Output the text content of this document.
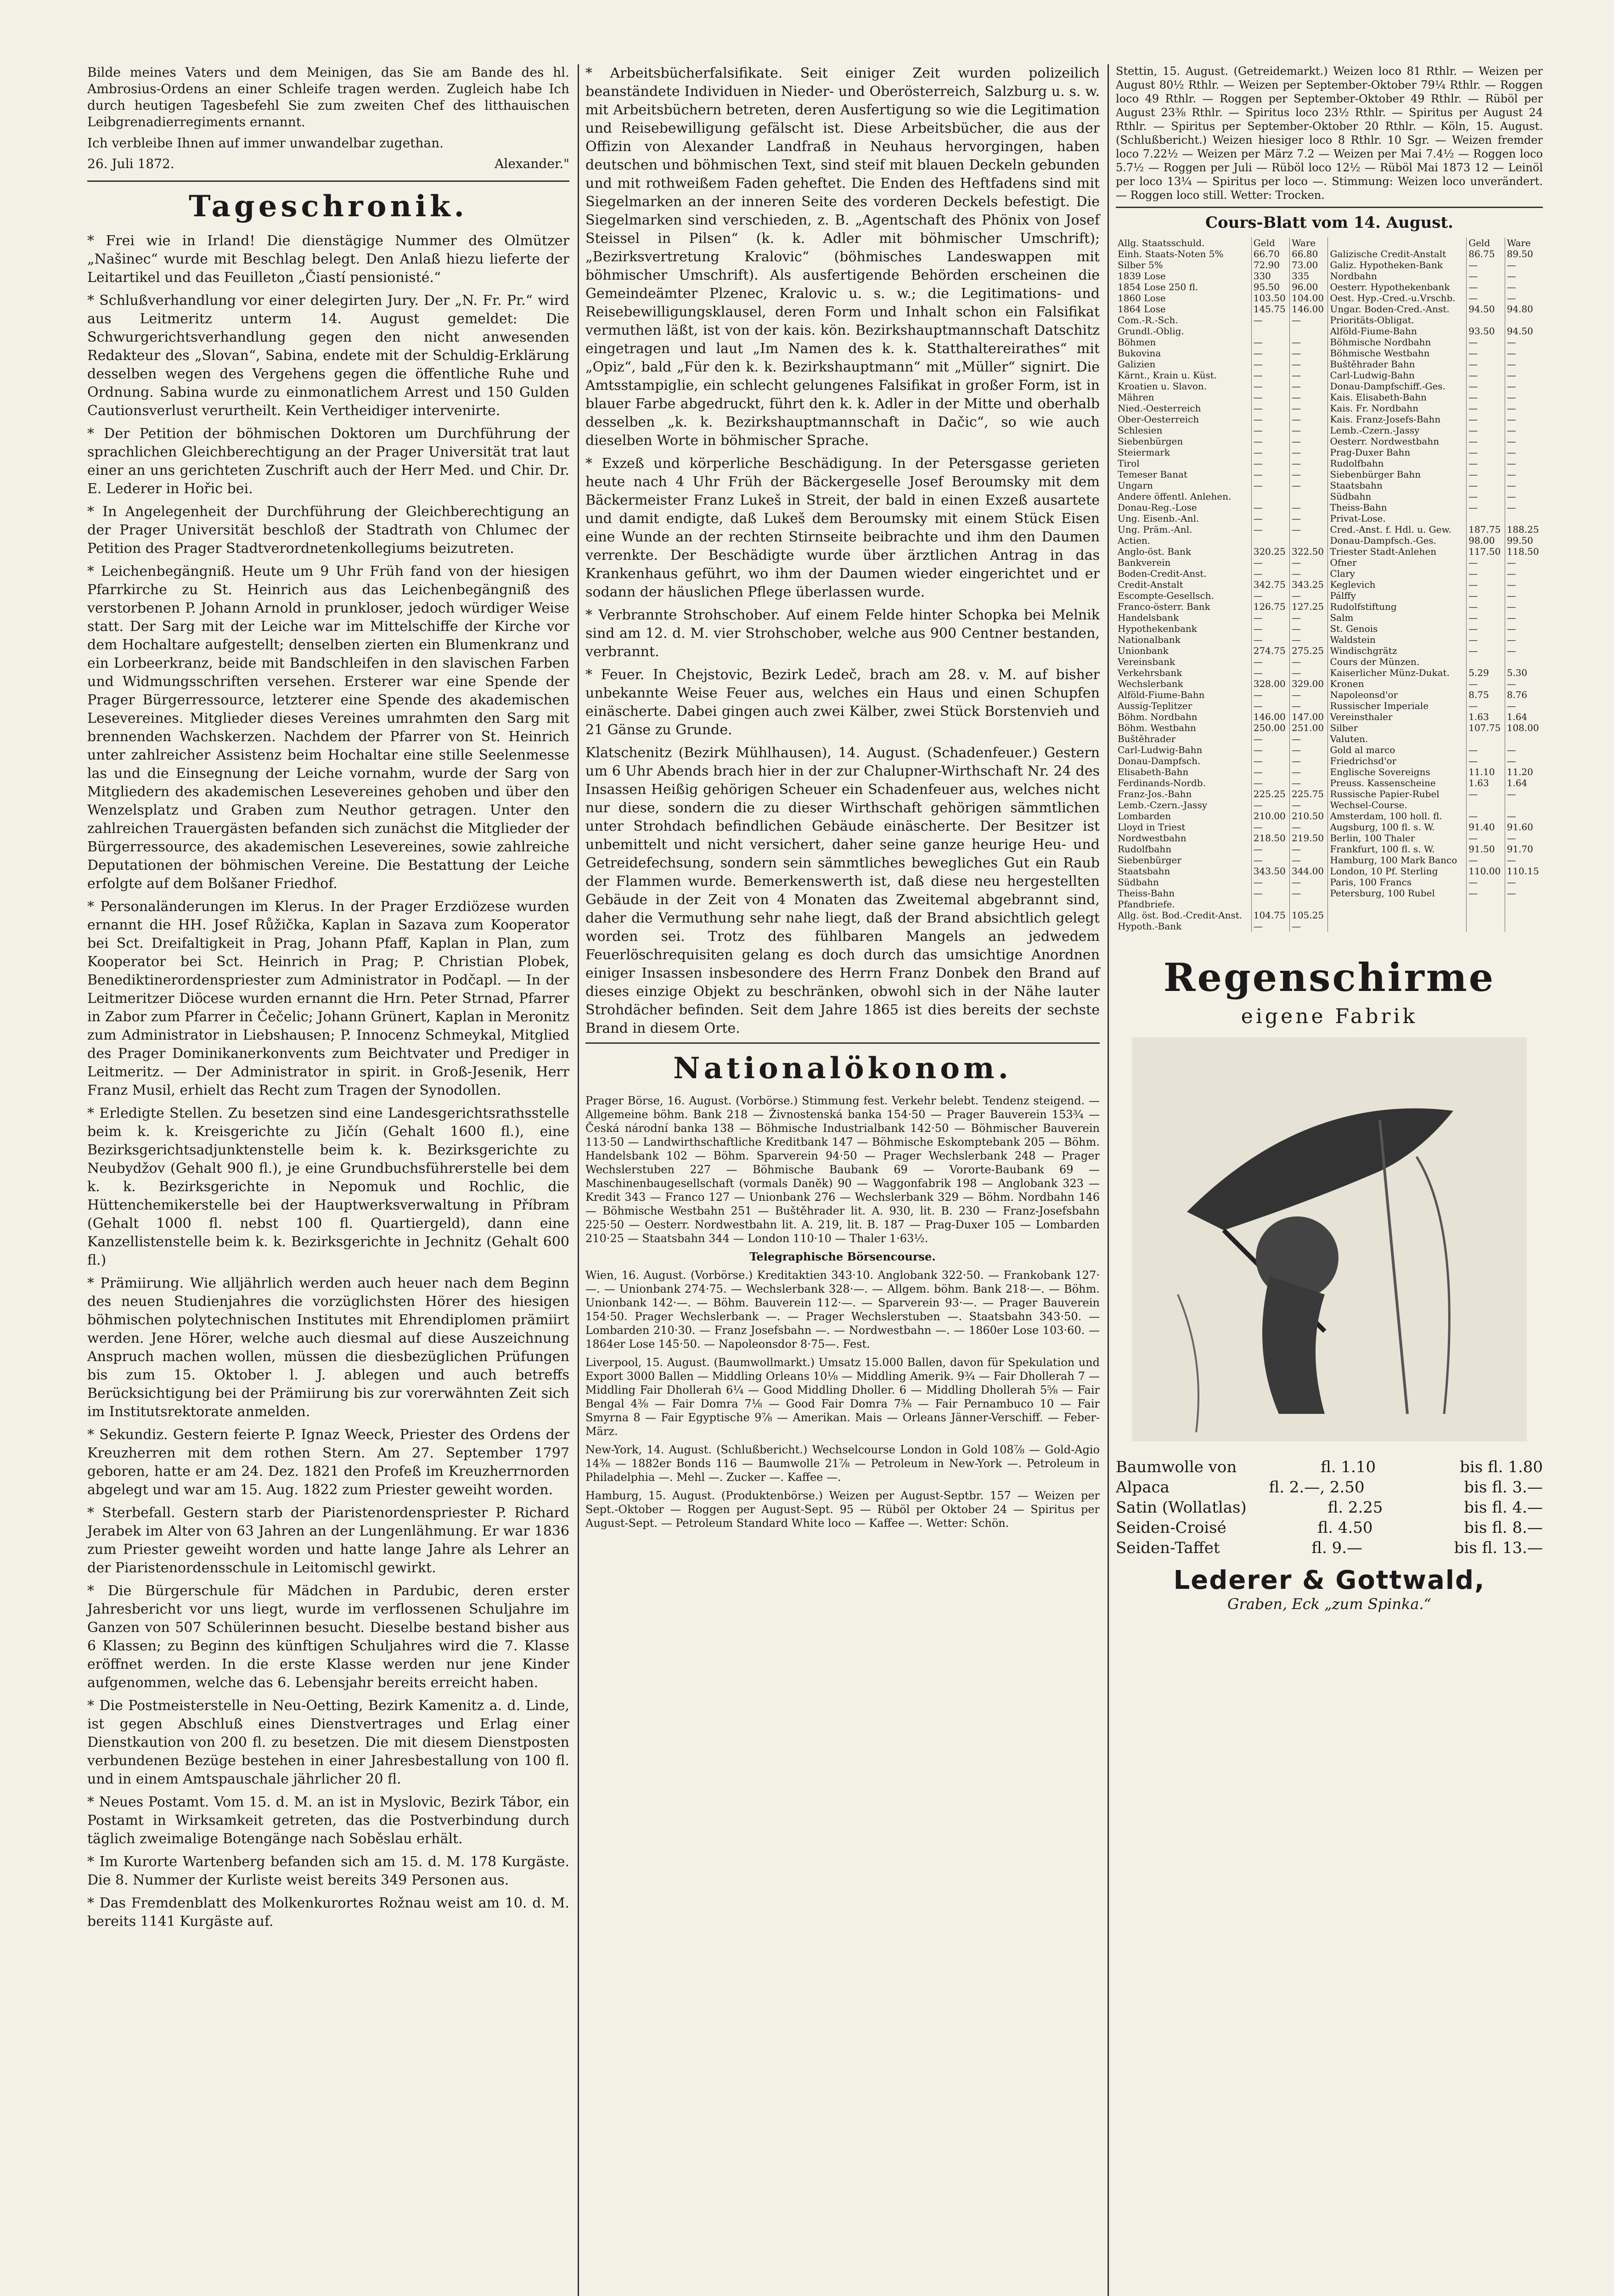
Bilde meines Vaters und dem Meinigen, das Sie am Bande des hl. Ambrosius-Ordens an einer Schleife tragen werden. Zugleich habe Ich durch heutigen Tagesbefehl Sie zum zweiten Chef des litthauischen Leibgrenadierregiments ernannt.

Ich verbleibe Ihnen auf immer unwandelbar zugethan.

26. Juli 1872.	Alexander."
Tageschronik.

* Frei wie in Irland! Die dienstägige Nummer des Olmützer „Našinec“ wurde mit Beschlag belegt. Den Anlaß hiezu lieferte der Leitartikel und das Feuilleton „Čiastí pensionisté.“

* Schlußverhandlung vor einer delegirten Jury. Der „N. Fr. Pr.“ wird aus Leitmeritz unterm 14. August gemeldet: Die Schwurgerichtsverhandlung gegen den nicht anwesenden Redakteur des „Slovan“, Sabina, endete mit der Schuldig-Erklärung desselben wegen des Vergehens gegen die öffentliche Ruhe und Ordnung. Sabina wurde zu einmonatlichem Arrest und 150 Gulden Cautionsverlust verurtheilt. Kein Vertheidiger intervenirte.

* Der Petition der böhmischen Doktoren um Durchführung der sprachlichen Gleichberechtigung an der Prager Universität trat laut einer an uns gerichteten Zuschrift auch der Herr Med. und Chir. Dr. E. Lederer in Hořic bei.

* In Angelegenheit der Durchführung der Gleichberechtigung an der Prager Universität beschloß der Stadtrath von Chlumec der Petition des Prager Stadtverordnetenkollegiums beizutreten.

* Leichenbegängniß. Heute um 9 Uhr Früh fand von der hiesigen Pfarrkirche zu St. Heinrich aus das Leichenbegängniß des verstorbenen P. Johann Arnold in prunkloser, jedoch würdiger Weise statt. Der Sarg mit der Leiche war im Mittelschiffe der Kirche vor dem Hochaltare aufgestellt; denselben zierten ein Blumenkranz und ein Lorbeerkranz, beide mit Bandschleifen in den slavischen Farben und Widmungsschriften versehen. Ersterer war eine Spende der Prager Bürgerressource, letzterer eine Spende des akademischen Lesevereines. Mitglieder dieses Vereines umrahmten den Sarg mit brennenden Wachskerzen. Nachdem der Pfarrer von St. Heinrich unter zahlreicher Assistenz beim Hochaltar eine stille Seelenmesse las und die Einsegnung der Leiche vornahm, wurde der Sarg von Mitgliedern des akademischen Lesevereines gehoben und über den Wenzelsplatz und Graben zum Neuthor getragen. Unter den zahlreichen Trauergästen befanden sich zunächst die Mitglieder der Bürgerressource, des akademischen Lesevereines, sowie zahlreiche Deputationen der böhmischen Vereine. Die Bestattung der Leiche erfolgte auf dem Bolšaner Friedhof.

* Personaländerungen im Klerus. In der Prager Erzdiözese wurden ernannt die HH. Josef Růžička, Kaplan in Sazava zum Kooperator bei Sct. Dreifaltigkeit in Prag, Johann Pfaff, Kaplan in Plan, zum Kooperator bei Sct. Heinrich in Prag; P. Christian Plobek, Benediktinerordenspriester zum Administrator in Podčapl. — In der Leitmeritzer Diöcese wurden ernannt die Hrn. Peter Strnad, Pfarrer in Zabor zum Pfarrer in Čečelic; Johann Grünert, Kaplan in Meronitz zum Administrator in Liebshausen; P. Innocenz Schmeykal, Mitglied des Prager Dominikanerkonvents zum Beichtvater und Prediger in Leitmeritz. — Der Administrator in spirit. in Groß-Jesenik, Herr Franz Musil, erhielt das Recht zum Tragen der Synodollen.

* Erledigte Stellen. Zu besetzen sind eine Landesgerichtsrathsstelle beim k. k. Kreisgerichte zu Jičín (Gehalt 1600 fl.), eine Bezirksgerichtsadjunktenstelle beim k. k. Bezirksgerichte zu Neubydžov (Gehalt 900 fl.), je eine Grundbuchsführerstelle bei dem k. k. Bezirksgerichte in Nepomuk und Rochlic, die Hüttenchemikerstelle bei der Hauptwerksverwaltung in Příbram (Gehalt 1000 fl. nebst 100 fl. Quartiergeld), dann eine Kanzellistenstelle beim k. k. Bezirksgerichte in Jechnitz (Gehalt 600 fl.)

* Prämiirung. Wie alljährlich werden auch heuer nach dem Beginn des neuen Studienjahres die vorzüglichsten Hörer des hiesigen böhmischen polytechnischen Institutes mit Ehrendiplomen prämiirt werden. Jene Hörer, welche auch diesmal auf diese Auszeichnung Anspruch machen wollen, müssen die diesbezüglichen Prüfungen bis zum 15. Oktober l. J. ablegen und auch betreffs Berücksichtigung bei der Prämiirung bis zur vorerwähnten Zeit sich im Institutsrektorate anmelden.

* Sekundiz. Gestern feierte P. Ignaz Weeck, Priester des Ordens der Kreuzherren mit dem rothen Stern. Am 27. September 1797 geboren, hatte er am 24. Dez. 1821 den Profeß im Kreuzherrnorden abgelegt und war am 15. Aug. 1822 zum Priester geweiht worden.

* Sterbefall. Gestern starb der Piaristenordenspriester P. Richard Jerabek im Alter von 63 Jahren an der Lungenlähmung. Er war 1836 zum Priester geweiht worden und hatte lange Jahre als Lehrer an der Piaristenordensschule in Leitomischl gewirkt.

* Die Bürgerschule für Mädchen in Pardubic, deren erster Jahresbericht vor uns liegt, wurde im verflossenen Schuljahre im Ganzen von 507 Schülerinnen besucht. Dieselbe bestand bisher aus 6 Klassen; zu Beginn des künftigen Schuljahres wird die 7. Klasse eröffnet werden. In die erste Klasse werden nur jene Kinder aufgenommen, welche das 6. Lebensjahr bereits erreicht haben.

* Die Postmeisterstelle in Neu-Oetting, Bezirk Kamenitz a. d. Linde, ist gegen Abschluß eines Dienstvertrages und Erlag einer Dienstkaution von 200 fl. zu besetzen. Die mit diesem Dienstposten verbundenen Bezüge bestehen in einer Jahresbestallung von 100 fl. und in einem Amtspauschale jährlicher 20 fl.

* Neues Postamt. Vom 15. d. M. an ist in Myslovic, Bezirk Tábor, ein Postamt in Wirksamkeit getreten, das die Postverbindung durch täglich zweimalige Botengänge nach Soběslau erhält.

* Im Kurorte Wartenberg befanden sich am 15. d. M. 178 Kurgäste. Die 8. Nummer der Kurliste weist bereits 349 Personen aus.

* Das Fremdenblatt des Molkenkurortes Rožnau weist am 10. d. M. bereits 1141 Kurgäste auf.

* Arbeitsbücherfalsifikate. Seit einiger Zeit wurden polizeilich beanständete Individuen in Nieder- und Oberösterreich, Salzburg u. s. w. mit Arbeitsbüchern betreten, deren Ausfertigung so wie die Legitimation und Reisebewilligung gefälscht ist. Diese Arbeitsbücher, die aus der Offizin von Alexander Landfraß in Neuhaus hervorgingen, haben deutschen und böhmischen Text, sind steif mit blauen Deckeln gebunden und mit rothweißem Faden geheftet. Die Enden des Heftfadens sind mit Siegelmarken an der inneren Seite des vorderen Deckels befestigt. Die Siegelmarken sind verschieden, z. B. „Agentschaft des Phönix von Josef Steissel in Pilsen“ (k. k. Adler mit böhmischer Umschrift); „Bezirksvertretung Kralovic“ (böhmisches Landeswappen mit böhmischer Umschrift). Als ausfertigende Behörden erscheinen die Gemeindeämter Plzenec, Kralovic u. s. w.; die Legitimations- und Reisebewilligungsklausel, deren Form und Inhalt schon ein Falsifikat vermuthen läßt, ist von der kais. kön. Bezirkshauptmannschaft Datschitz eingetragen und laut „Im Namen des k. k. Statthaltereirathes“ mit „Opiz“, bald „Für den k. k. Bezirkshauptmann“ mit „Müller“ signirt. Die Amtsstampiglie, ein schlecht gelungenes Falsifikat in großer Form, ist in blauer Farbe abgedruckt, führt den k. k. Adler in der Mitte und oberhalb desselben „k. k. Bezirkshauptmannschaft in Dačic“, so wie auch dieselben Worte in böhmischer Sprache.

* Exzeß und körperliche Beschädigung. In der Petersgasse gerieten heute nach 4 Uhr Früh der Bäckergeselle Josef Beroumsky mit dem Bäckermeister Franz Lukeš in Streit, der bald in einen Exzeß ausartete und damit endigte, daß Lukeš dem Beroumsky mit einem Stück Eisen eine Wunde an der rechten Stirnseite beibrachte und ihm den Daumen verrenkte. Der Beschädigte wurde über ärztlichen Antrag in das Krankenhaus geführt, wo ihm der Daumen wieder eingerichtet und er sodann der häuslichen Pflege überlassen wurde.

* Verbrannte Strohschober. Auf einem Felde hinter Schopka bei Melnik sind am 12. d. M. vier Strohschober, welche aus 900 Centner bestanden, verbrannt.

* Feuer. In Chejstovic, Bezirk Ledeč, brach am 28. v. M. auf bisher unbekannte Weise Feuer aus, welches ein Haus und einen Schupfen einäscherte. Dabei gingen auch zwei Kälber, zwei Stück Borstenvieh und 21 Gänse zu Grunde.

Klatschenitz (Bezirk Mühlhausen), 14. August. (Schadenfeuer.) Gestern um 6 Uhr Abends brach hier in der zur Chalupner-Wirthschaft Nr. 24 des Insassen Heißig gehörigen Scheuer ein Schadenfeuer aus, welches nicht nur diese, sondern die zu dieser Wirthschaft gehörigen sämmtlichen unter Strohdach befindlichen Gebäude einäscherte. Der Besitzer ist unbemittelt und nicht versichert, daher seine ganze heurige Heu- und Getreidefechsung, sondern sein sämmtliches bewegliches Gut ein Raub der Flammen wurde. Bemerkenswerth ist, daß diese neu hergestellten Gebäude in der Zeit von 4 Monaten das Zweitemal abgebrannt sind, daher die Vermuthung sehr nahe liegt, daß der Brand absichtlich gelegt worden sei. Trotz des fühlbaren Mangels an jedwedem Feuerlöschrequisiten gelang es doch durch das umsichtige Anordnen einiger Insassen insbesondere des Herrn Franz Donbek den Brand auf dieses einzige Objekt zu beschränken, obwohl sich in der Nähe lauter Strohdächer befinden. Seit dem Jahre 1865 ist dies bereits der sechste Brand in diesem Orte.

Nationalökonom.

Prager Börse, 16. August. (Vorbörse.) Stimmung fest. Verkehr belebt. Tendenz steigend. — Allgemeine böhm. Bank 218 — Živnostenská banka 154·50 — Prager Bauverein 153¾ — Česká národní banka 138 — Böhmische Industrialbank 142·50 — Böhmischer Bauverein 113·50 — Landwirthschaftliche Kreditbank 147 — Böhmische Eskomptebank 205 — Böhm. Handelsbank 102 — Böhm. Sparverein 94·50 — Prager Wechslerbank 248 — Prager Wechslerstuben 227 — Böhmische Baubank 69 — Vororte-Baubank 69 — Maschinenbaugesellschaft (vormals Daněk) 90 — Waggonfabrik 198 — Anglobank 323 — Kredit 343 — Franco 127 — Unionbank 276 — Wechslerbank 329 — Böhm. Nordbahn 146 — Böhmische Westbahn 251 — Buštěhrader lit. A. 930, lit. B. 230 — Franz-Josefsbahn 225·50 — Oesterr. Nordwestbahn lit. A. 219, lit. B. 187 — Prag-Duxer 105 — Lombarden 210·25 — Staatsbahn 344 — London 110·10 — Thaler 1·63½.

Telegraphische Börsencourse.

Wien, 16. August. (Vorbörse.) Kreditaktien 343·10. Anglobank 322·50. — Frankobank 127·—. — Unionbank 274·75. — Wechslerbank 328·—. — Allgem. böhm. Bank 218·—. — Böhm. Unionbank 142·—. — Böhm. Bauverein 112·—. — Sparverein 93·—. — Prager Bauverein 154·50. Prager Wechslerbank —. — Prager Wechslerstuben —. Staatsbahn 343·50. — Lombarden 210·30. — Franz Josefsbahn —. — Nordwestbahn —. — 1860er Lose 103·60. — 1864er Lose 145·50. — Napoleonsdor 8·75—. Fest.

Liverpool, 15. August. (Baumwollmarkt.) Umsatz 15.000 Ballen, davon für Spekulation und Export 3000 Ballen — Middling Orleans 10⅛ — Middling Amerik. 9¾ — Fair Dhollerah 7 — Middling Fair Dhollerah 6¼ — Good Middling Dholler. 6 — Middling Dhollerah 5⅝ — Fair Bengal 4⅜ — Fair Domra 7⅛ — Good Fair Domra 7⅜ — Fair Pernambuco 10 — Fair Smyrna 8 — Fair Egyptische 9⅞ — Amerikan. Mais — Orleans Jänner-Verschiff. — Feber-März.

New-York, 14. August. (Schlußbericht.) Wechselcourse London in Gold 108⅞ — Gold-Agio 14⅜ — 1882er Bonds 116 — Baumwolle 21⅞ — Petroleum in New-York —. Petroleum in Philadelphia —. Mehl —. Zucker —. Kaffee —.

Hamburg, 15. August. (Produktenbörse.) Weizen per August-Septbr. 157 — Weizen per Sept.-Oktober — Roggen per August-Sept. 95 — Rüböl per Oktober 24 — Spiritus per August-Sept. — Petroleum Standard White loco — Kaffee —. Wetter: Schön.

Stettin, 15. August. (Getreidemarkt.) Weizen loco 81 Rthlr. — Weizen per August 80½ Rthlr. — Weizen per September-Oktober 79¼ Rthlr. — Roggen loco 49 Rthlr. — Roggen per September-Oktober 49 Rthlr. — Rüböl per August 23⅜ Rthlr. — Spiritus loco 23½ Rthlr. — Spiritus per August 24 Rthlr. — Spiritus per September-Oktober 20 Rthlr. — Köln, 15. August. (Schlußbericht.) Weizen hiesiger loco 8 Rthlr. 10 Sgr. — Weizen fremder loco 7.22½ — Weizen per März 7.2 — Weizen per Mai 7.4½ — Roggen loco 5.7½ — Roggen per Juli — Rüböl loco 12½ — Rüböl Mai 1873 12 — Leinöl per loco 13¼ — Spiritus per loco —. Stimmung: Weizen loco unverändert. — Roggen loco still. Wetter: Trocken.

Cours-Blatt vom 14. August.
Allg. Staatsschuld.	Geld	Ware		Geld	Ware
Einh. Staats-Noten 5%	66.70	66.80	Galizische Credit-Anstalt	86.75	89.50
Silber 5%	72.90	73.00	Galiz. Hypotheken-Bank	—	—
1839 Lose	330	335	Nordbahn	—	—
1854 Lose 250 fl.	95.50	96.00	Oesterr. Hypothekenbank	—	—
1860 Lose	103.50	104.00	Oest. Hyp.-Cred.-u.Vrschb.	—	—
1864 Lose	145.75	146.00	Ungar. Boden-Cred.-Anst.	94.50	94.80
Com.-R.-Sch.	—	—	Prioritäts-Obligat.		
Grundl.-Oblig.			Alföld-Fiume-Bahn	93.50	94.50
Böhmen	—	—	Böhmische Nordbahn	—	—
Bukovina	—	—	Böhmische Westbahn	—	—
Galizien	—	—	Buštěhrader Bahn	—	—
Kärnt., Krain u. Küst.	—	—	Carl-Ludwig-Bahn	—	—
Kroatien u. Slavon.	—	—	Donau-Dampfschiff.-Ges.	—	—
Mähren	—	—	Kais. Elisabeth-Bahn	—	—
Nied.-Oesterreich	—	—	Kais. Fr. Nordbahn	—	—
Ober-Oesterreich	—	—	Kais. Franz-Josefs-Bahn	—	—
Schlesien	—	—	Lemb.-Czern.-Jassy	—	—
Siebenbürgen	—	—	Oesterr. Nordwestbahn	—	—
Steiermark	—	—	Prag-Duxer Bahn	—	—
Tirol	—	—	Rudolfbahn	—	—
Temeser Banat	—	—	Siebenbürger Bahn	—	—
Ungarn	—	—	Staatsbahn	—	—
Andere öffentl. Anlehen.			Südbahn	—	—
Donau-Reg.-Lose	—	—	Theiss-Bahn	—	—
Ung. Eisenb.-Anl.	—	—	Privat-Lose.		
Ung. Präm.-Anl.	—	—	Cred.-Anst. f. Hdl. u. Gew.	187.75	188.25
Actien.			Donau-Dampfsch.-Ges.	98.00	99.50
Anglo-öst. Bank	320.25	322.50	Triester Stadt-Anlehen	117.50	118.50
Bankverein	—	—	Ofner	—	—
Boden-Credit-Anst.	—	—	Clary	—	—
Credit-Anstalt	342.75	343.25	Keglevich	—	—
Escompte-Gesellsch.	—	—	Pálffy	—	—
Franco-österr. Bank	126.75	127.25	Rudolfstiftung	—	—
Handelsbank	—	—	Salm	—	—
Hypothekenbank	—	—	St. Genois	—	—
Nationalbank	—	—	Waldstein	—	—
Unionbank	274.75	275.25	Windischgrätz	—	—
Vereinsbank	—	—	Cours der Münzen.		
Verkehrsbank	—	—	Kaiserlicher Münz-Dukat.	5.29	5.30
Wechslerbank	328.00	329.00	Kronen	—	—
Alföld-Fiume-Bahn	—	—	Napoleonsd'or	8.75	8.76
Aussig-Teplitzer	—	—	Russischer Imperiale	—	—
Böhm. Nordbahn	146.00	147.00	Vereinsthaler	1.63	1.64
Böhm. Westbahn	250.00	251.00	Silber	107.75	108.00
Buštěhrader	—	—	Valuten.		
Carl-Ludwig-Bahn	—	—	Gold al marco	—	—
Donau-Dampfsch.	—	—	Friedrichsd'or	—	—
Elisabeth-Bahn	—	—	Englische Sovereigns	11.10	11.20
Ferdinands-Nordb.	—	—	Preuss. Kassenscheine	1.63	1.64
Franz-Jos.-Bahn	225.25	225.75	Russische Papier-Rubel	—	—
Lemb.-Czern.-Jassy	—	—	Wechsel-Course.		
Lombarden	210.00	210.50	Amsterdam, 100 holl. fl.	—	—
Lloyd in Triest	—	—	Augsburg, 100 fl. s. W.	91.40	91.60
Nordwestbahn	218.50	219.50	Berlin, 100 Thaler	—	—
Rudolfbahn	—	—	Frankfurt, 100 fl. s. W.	91.50	91.70
Siebenbürger	—	—	Hamburg, 100 Mark Banco	—	—
Staatsbahn	343.50	344.00	London, 10 Pf. Sterling	110.00	110.15
Südbahn	—	—	Paris, 100 Francs	—	—
Theiss-Bahn	—	—	Petersburg, 100 Rubel	—	—
Pfandbriefe.					
Allg. öst. Bod.-Credit-Anst.	104.75	105.25			
Hypoth.-Bank	—	—			
Regenschirme
eigene Fabrik
Baumwolle von	fl. 1.10	bis fl. 1.80
Alpaca	fl. 2.—, 2.50	bis fl. 3.—
Satin (Wollatlas)	fl. 2.25	bis fl. 4.—
Seiden-Croisé	fl. 4.50	bis fl. 8.—
Seiden-Taffet	fl. 9.—	bis fl. 13.—
Lederer & Gottwald,
Graben, Eck „zum Spinka.“
